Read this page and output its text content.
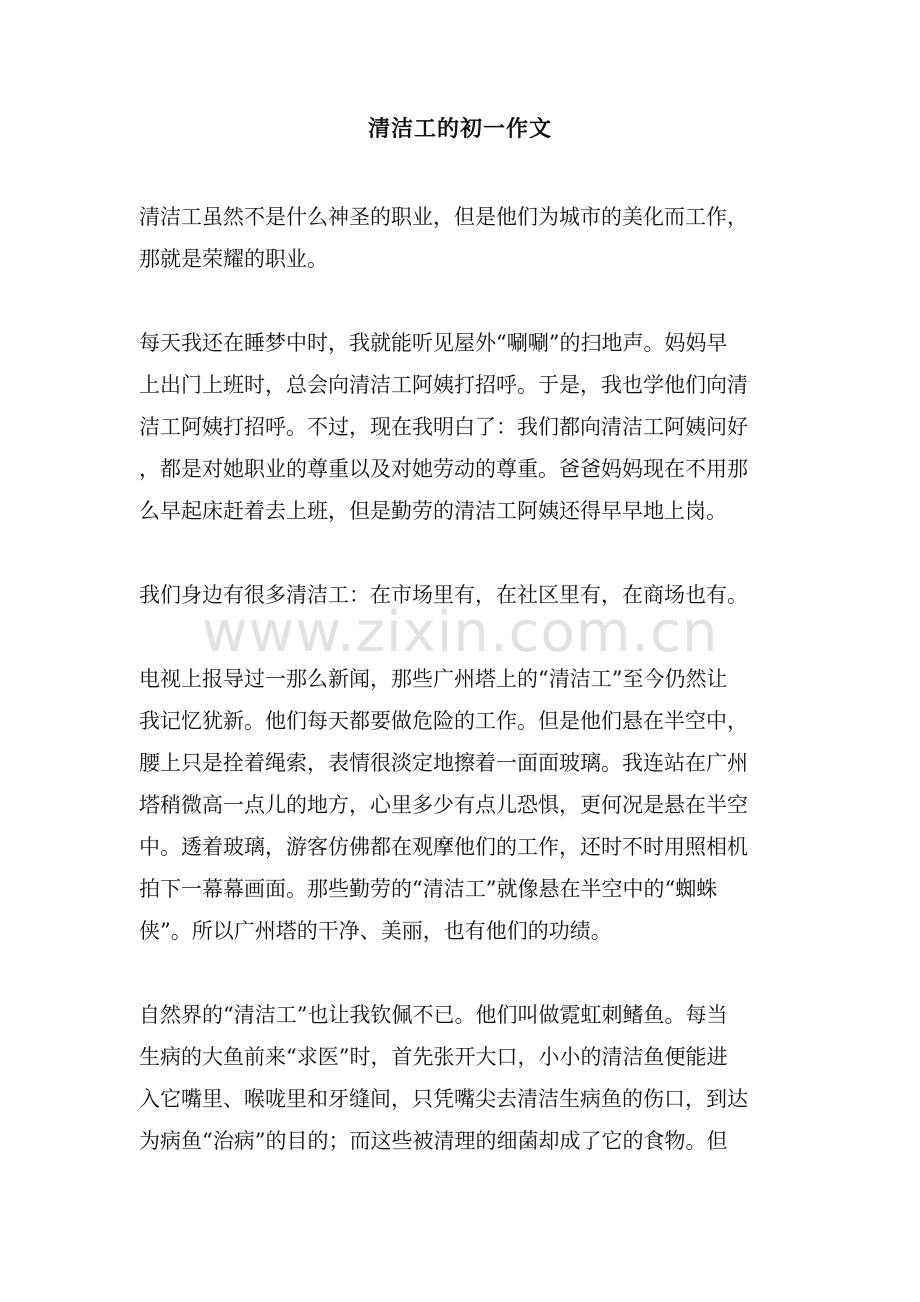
清洁工的初一作文
www.zixin.com.cn
清洁工虽然不是什么神圣的职业，但是他们为城市的美化而工作，
那就是荣耀的职业。
每天我还在睡梦中时，我就能听见屋外“唰唰”的扫地声。妈妈早
上出门上班时，总会向清洁工阿姨打招呼。于是，我也学他们向清
洁工阿姨打招呼。不过，现在我明白了：我们都向清洁工阿姨问好
，都是对她职业的尊重以及对她劳动的尊重。爸爸妈妈现在不用那
么早起床赶着去上班，但是勤劳的清洁工阿姨还得早早地上岗。
我们身边有很多清洁工：在市场里有，在社区里有，在商场也有。
电视上报导过一那么新闻，那些广州塔上的“清洁工”至今仍然让
我记忆犹新。他们每天都要做危险的工作。但是他们悬在半空中，
腰上只是拴着绳索，表情很淡定地擦着一面面玻璃。我连站在广州
塔稍微高一点儿的地方，心里多少有点儿恐惧，更何况是悬在半空
中。透着玻璃，游客仿佛都在观摩他们的工作，还时不时用照相机
拍下一幕幕画面。那些勤劳的“清洁工”就像悬在半空中的“蜘蛛
侠”。所以广州塔的干净、美丽，也有他们的功绩。
自然界的“清洁工”也让我钦佩不已。他们叫做霓虹刺鳍鱼。每当
生病的大鱼前来“求医”时，首先张开大口，小小的清洁鱼便能进
入它嘴里、喉咙里和牙缝间，只凭嘴尖去清洁生病鱼的伤口，到达
为病鱼“治病”的目的；而这些被清理的细菌却成了它的食物。但
